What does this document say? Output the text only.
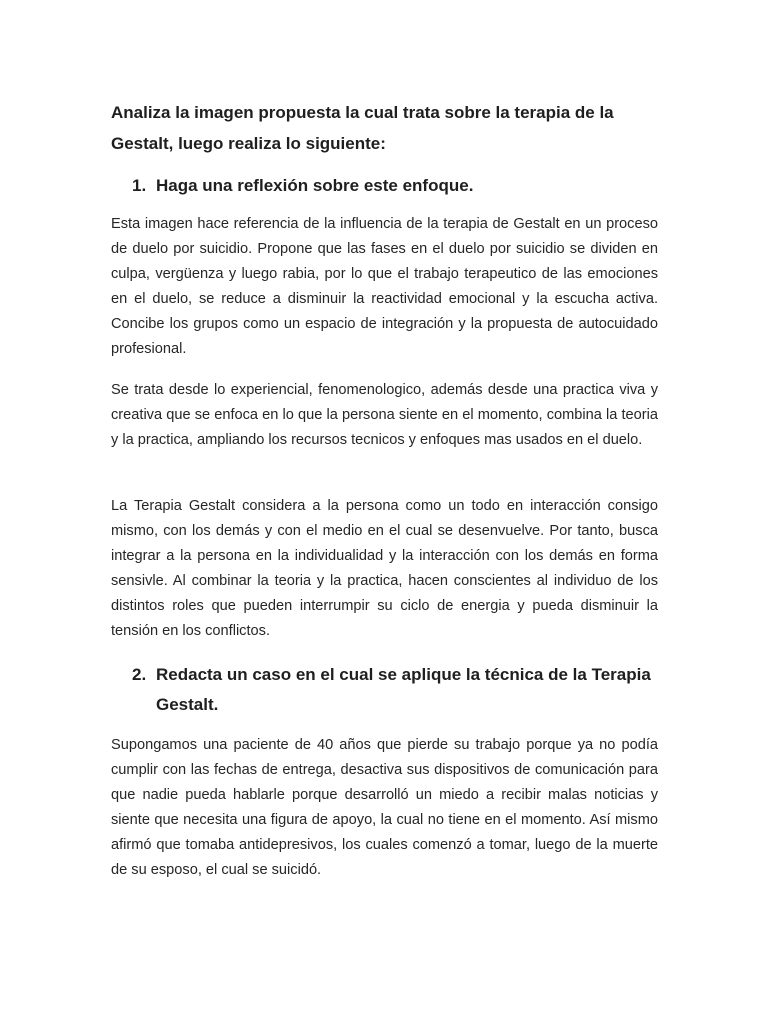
Analiza la imagen propuesta la cual trata sobre la terapia de la Gestalt, luego realiza lo siguiente:

1. Haga una reflexión sobre este enfoque.

Esta imagen hace referencia de la influencia de la terapia de Gestalt en un proceso de duelo por suicidio. Propone que las fases en el duelo por suicidio se dividen en culpa, vergüenza y luego rabia, por lo que el trabajo terapeutico de las emociones en el duelo, se reduce a disminuir la reactividad emocional y la escucha activa. Concibe los grupos como un espacio de integración y la propuesta de autocuidado profesional.

Se trata desde lo experiencial, fenomenologico, además desde una practica viva y creativa que se enfoca en lo que la persona siente en el momento, combina la teoria y la practica, ampliando los recursos tecnicos y enfoques mas usados en el duelo.

La Terapia Gestalt considera a la persona como un todo en interacción consigo mismo, con los demás y con el medio en el cual se desenvuelve. Por tanto, busca integrar a la persona en la individualidad y la interacción con los demás en forma sensivle. Al combinar la teoria y la practica, hacen conscientes al individuo de los distintos roles que pueden interrumpir su ciclo de energia y pueda disminuir la tensión en los conflictos.

2. Redacta un caso en el cual se aplique la técnica de la Terapia Gestalt.

Supongamos una paciente de 40 años que pierde su trabajo porque ya no podía cumplir con las fechas de entrega, desactiva sus dispositivos de comunicación para que nadie pueda hablarle porque desarrolló un miedo a recibir malas noticias y siente que necesita una figura de apoyo, la cual no tiene en el momento. Así mismo afirmó que tomaba antidepresivos, los cuales comenzó a tomar, luego de la muerte de su esposo, el cual se suicidó.
